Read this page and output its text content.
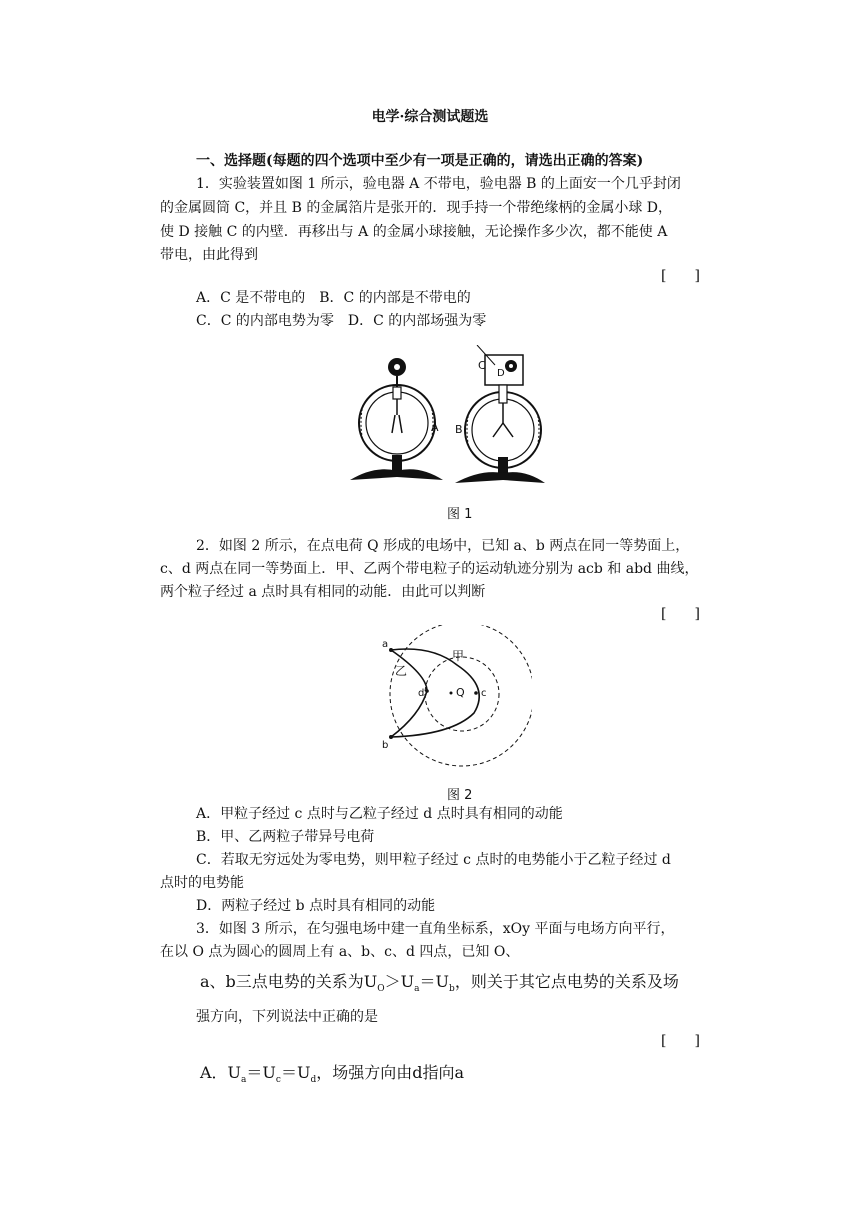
电学·综合测试题选
一、选择题(每题的四个选项中至少有一项是正确的，请选出正确的答案)
1．实验装置如图 1 所示，验电器 A 不带电，验电器 B 的上面安一个几乎封闭
的金属圆筒 C，并且 B 的金属箔片是张开的．现手持一个带绝缘柄的金属小球 D，
使 D 接触 C 的内壁．再移出与 A 的金属小球接触，无论操作多少次，都不能使 A
带电，由此得到
[　　]
A．C 是不带电的　B．C 的内部是不带电的
C．C 的内部电势为零　D．C 的内部场强为零
A
C
D
B
图 1
2．如图 2 所示，在点电荷 Q 形成的电场中，已知 a、b 两点在同一等势面上，
c、d 两点在同一等势面上．甲、乙两个带电粒子的运动轨迹分别为 acb 和 abd 曲线，
两个粒子经过 a 点时具有相同的动能．由此可以判断
[　　]
a
b
c
d	Q
甲
乙
图 2
A．甲粒子经过 c 点时与乙粒子经过 d 点时具有相同的动能
B．甲、乙两粒子带异号电荷
C．若取无穷远处为零电势，则甲粒子经过 c 点时的电势能小于乙粒子经过 d
点时的电势能
D．两粒子经过 b 点时具有相同的动能
3．如图 3 所示，在匀强电场中建一直角坐标系，xOy 平面与电场方向平行，
在以 O 点为圆心的圆周上有 a、b、c、d 四点，已知 O、
a、b三点电势的关系为$U_O>U_a=U_b$，则关于其它点电势的关系及场
强方向，下列说法中正确的是
[　　]
A．$U_a=U_c=U_d$，场强方向由d指向a
